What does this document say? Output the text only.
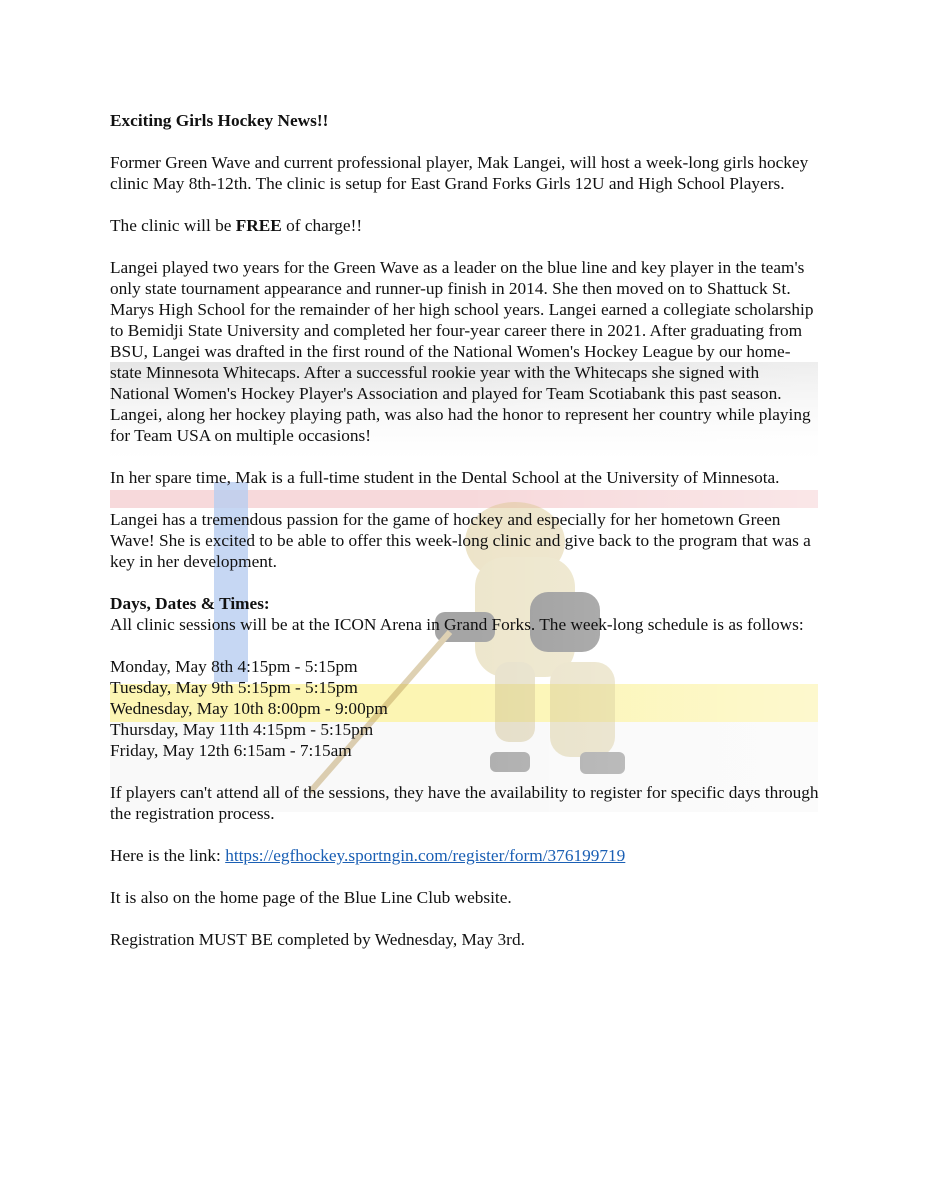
Exciting Girls Hockey News!!

Former Green Wave and current professional player, Mak Langei, will host a week-long girls hockey clinic May 8th-12th. The clinic is setup for East Grand Forks Girls 12U and High School Players.

The clinic will be FREE of charge!!

Langei played two years for the Green Wave as a leader on the blue line and key player in the team's only state tournament appearance and runner-up finish in 2014. She then moved on to Shattuck St. Marys High School for the remainder of her high school years. Langei earned a collegiate scholarship to Bemidji State University and completed her four-year career there in 2021. After graduating from BSU, Langei was drafted in the first round of the National Women's Hockey League by our home-state Minnesota Whitecaps. After a successful rookie year with the Whitecaps she signed with National Women's Hockey Player's Association and played for Team Scotiabank this past season. Langei, along her hockey playing path, was also had the honor to represent her country while playing for Team USA on multiple occasions!

In her spare time, Mak is a full-time student in the Dental School at the University of Minnesota.

Langei has a tremendous passion for the game of hockey and especially for her hometown Green Wave! She is excited to be able to offer this week-long clinic and give back to the program that was a key in her development.

Days, Dates & Times:

All clinic sessions will be at the ICON Arena in Grand Forks. The week-long schedule is as follows:

Monday, May 8th 4:15pm - 5:15pm
Tuesday, May 9th 5:15pm - 5:15pm
Wednesday, May 10th 8:00pm - 9:00pm
Thursday, May 11th 4:15pm - 5:15pm
Friday, May 12th 6:15am - 7:15am

If players can't attend all of the sessions, they have the availability to register for specific days through the registration process.

Here is the link: https://egfhockey.sportngin.com/register/form/376199719

It is also on the home page of the Blue Line Club website.

Registration MUST BE completed by Wednesday, May 3rd.
